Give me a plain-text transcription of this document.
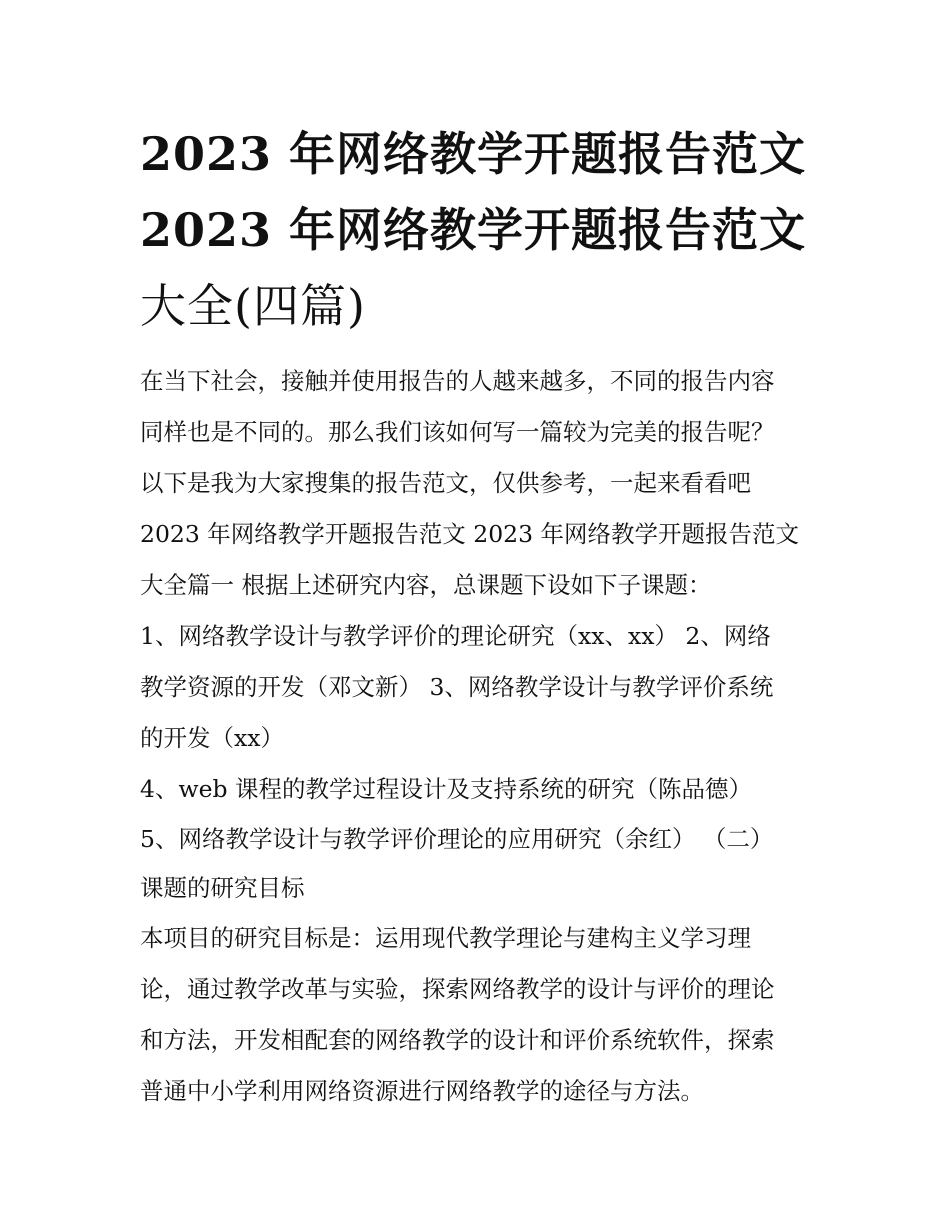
2023 年网络教学开题报告范文
2023 年网络教学开题报告范文
大全(四篇)
在当下社会，接触并使用报告的人越来越多，不同的报告内容
同样也是不同的。那么我们该如何写一篇较为完美的报告呢？
以下是我为大家搜集的报告范文，仅供参考，一起来看看吧
2023 年网络教学开题报告范文 2023 年网络教学开题报告范文
大全篇一 根据上述研究内容，总课题下设如下子课题：
1、网络教学设计与教学评价的理论研究（xx、xx） 2、网络
教学资源的开发（邓文新） 3、网络教学设计与教学评价系统
的开发（xx）
4、web 课程的教学过程设计及支持系统的研究（陈品德）
5、网络教学设计与教学评价理论的应用研究（余红） （二）
课题的研究目标
本项目的研究目标是：运用现代教学理论与建构主义学习理
论，通过教学改革与实验，探索网络教学的设计与评价的理论
和方法，开发相配套的网络教学的设计和评价系统软件，探索
普通中小学利用网络资源进行网络教学的途径与方法。
